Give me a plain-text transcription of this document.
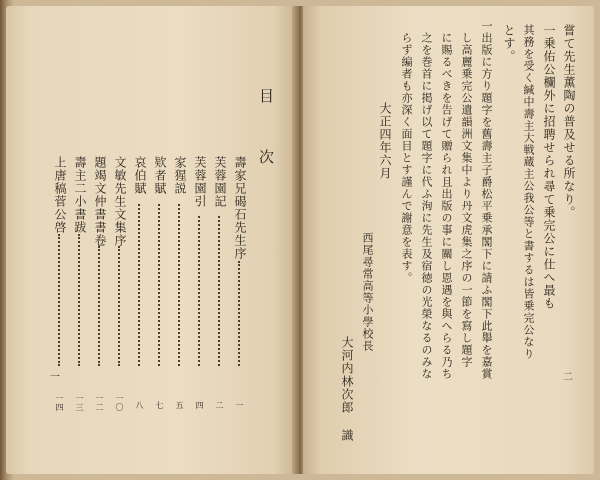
目 次
壽家兄碣石先生序
一
芙蓉園記
二
芙蓉園引
四
家猩説
五
欵者賦
七
哀伯賦
八
文敏先生文集序
一〇
題竭文仲書書卷
一二
壽主二小書跋
一三
上唐稿菅公啓
一四
一
嘗て先生薫陶の普及せる所なり。
一乗佑公欄外に招聘せられ尋て乗完公に仕へ最も
其務を受く緘中壽主大戦蔵主公我公等と書するは皆乗完公なり
とす。
一出版に方り題字を舊壽主子爵松平乗承閣下に請ふ閣下此舉を嘉賞
し高麗乗完公遺韻洲文集中より丹文虎集之序の一節を寫し題字
に賜るべきを告げて贈られ且出版の事に關し恩遇を與へらる乃ち
之を巻首に掲げ以て題字に代ふ洵に先生及宿徳の光榮なるのみな
らず編者も亦深く面目とす謹んで謝意を表す。
大正四年六月
西尾尋常高等小學校長
大河内林次郎 識	二
